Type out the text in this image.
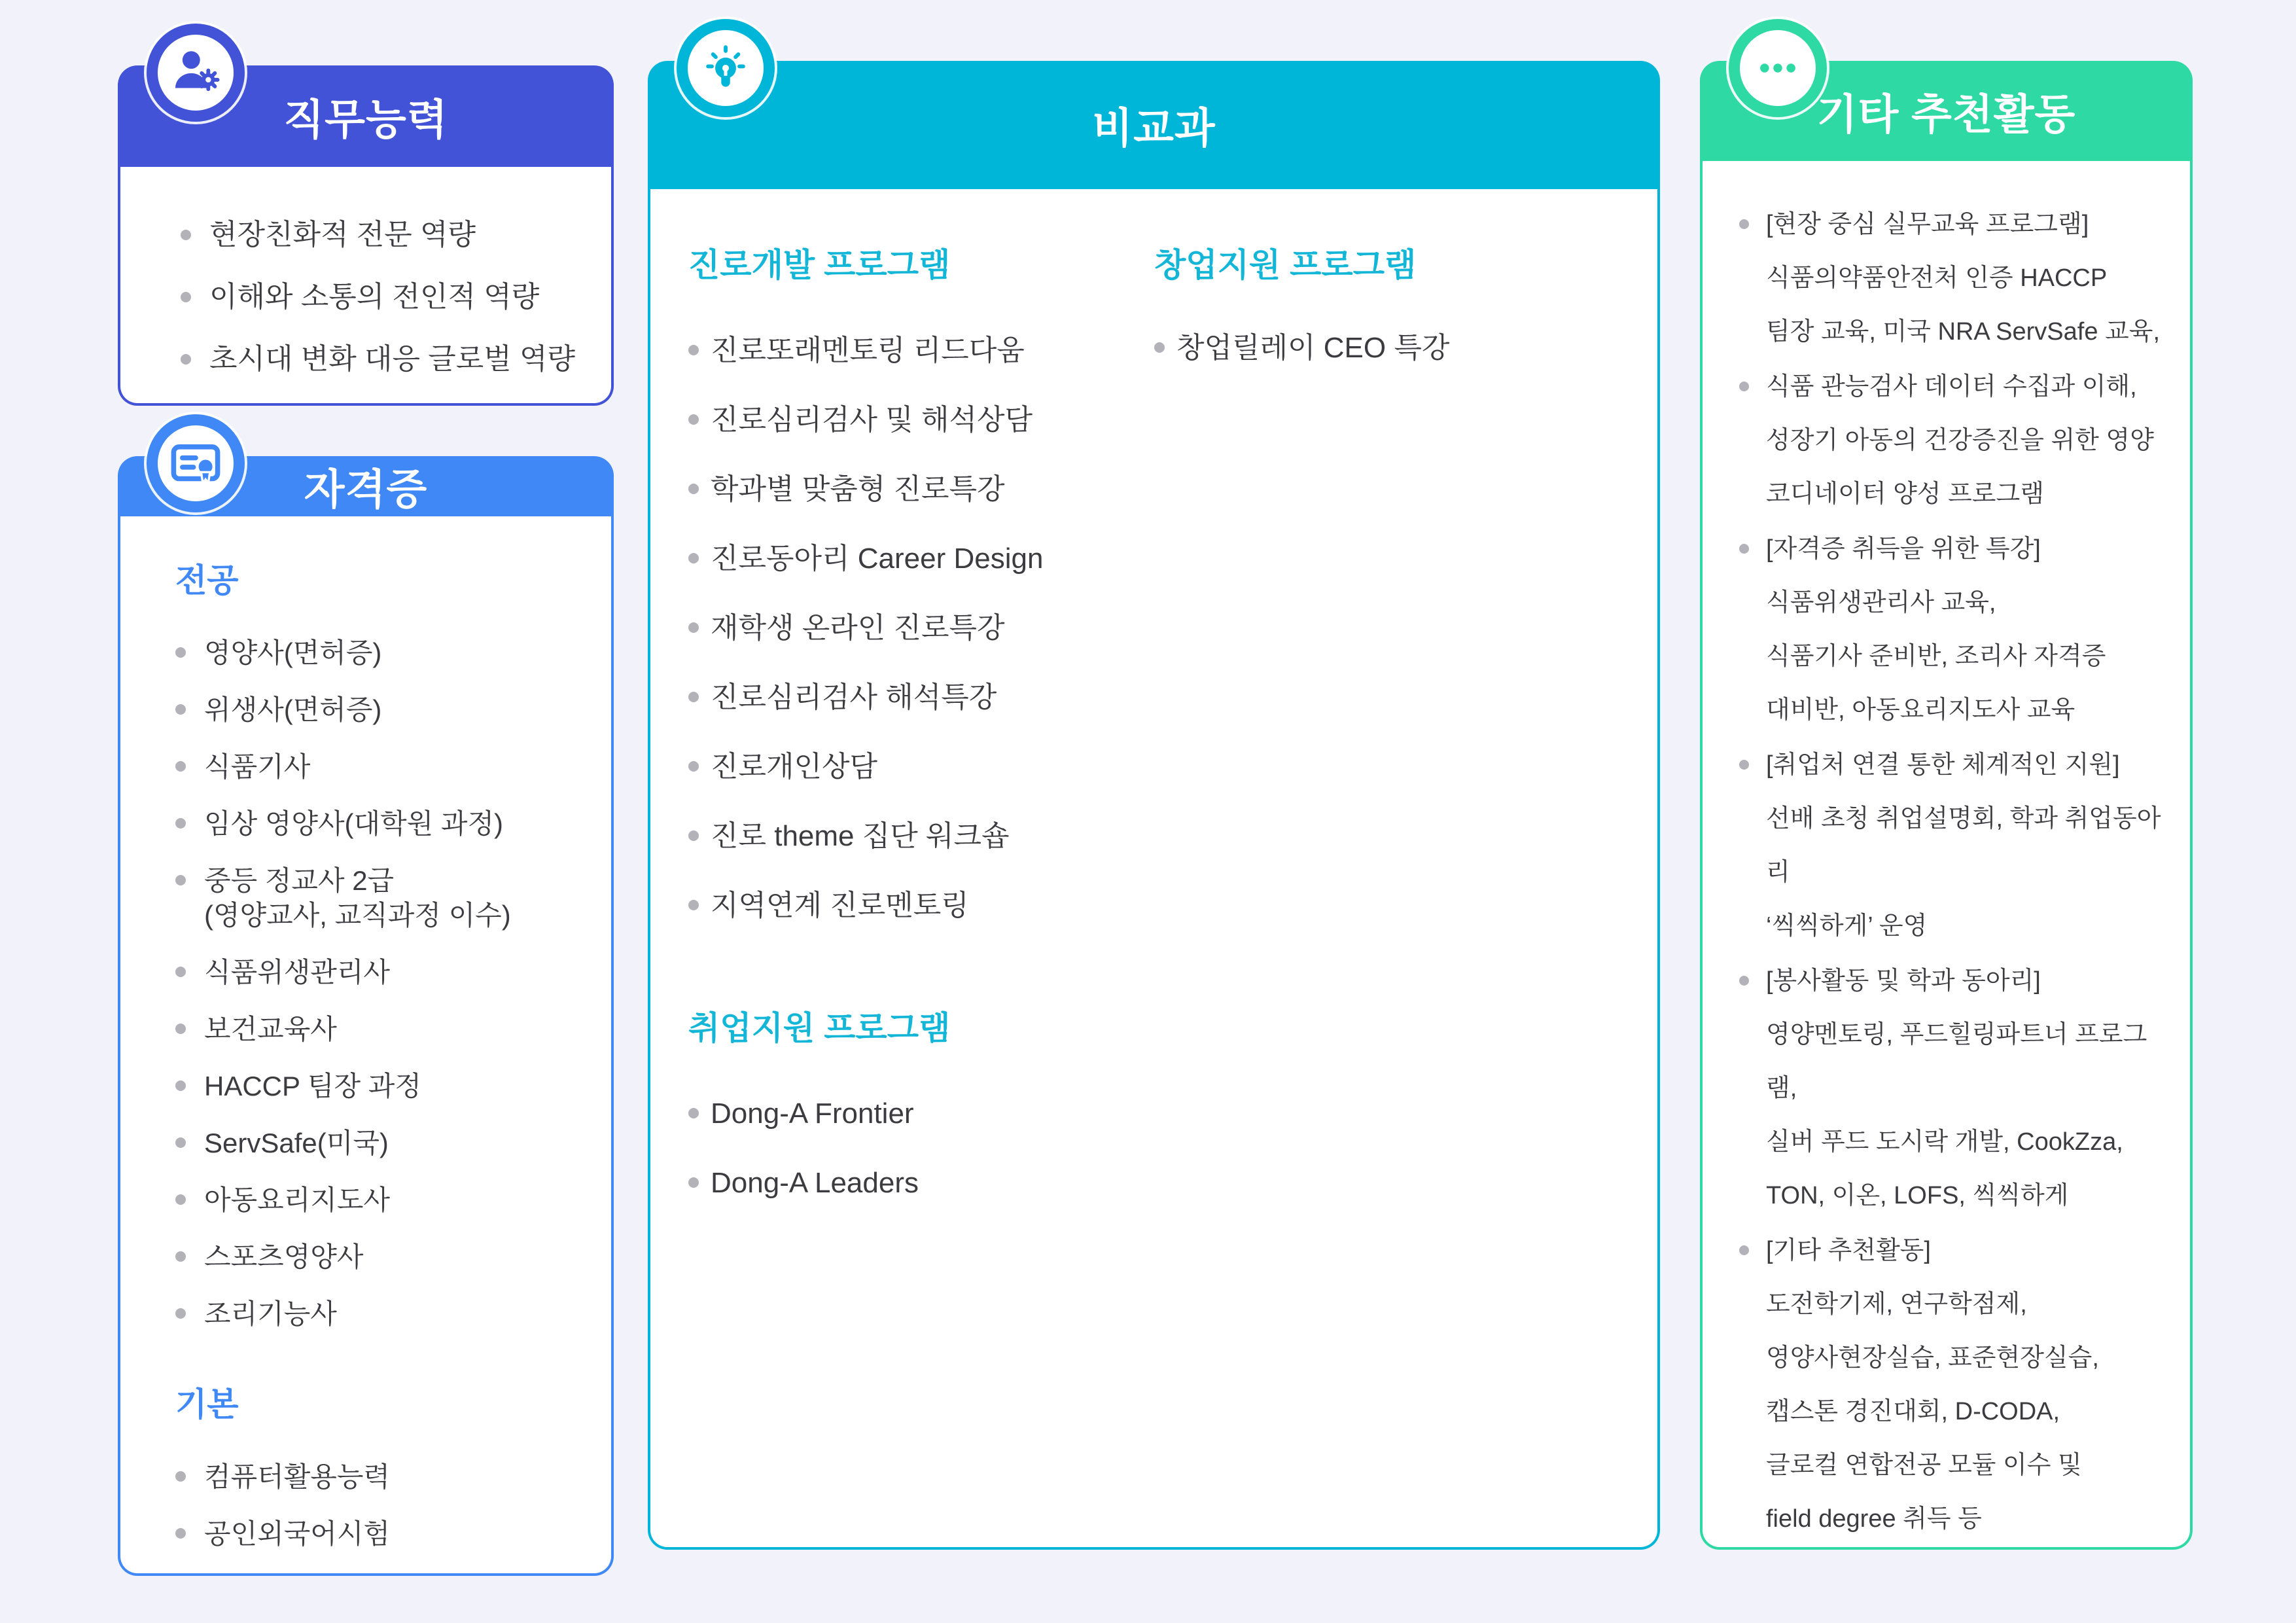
직무능력
현장친화적 전문 역량
이해와 소통의 전인적 역량
초시대 변화 대응 글로벌 역량
자격증
전공
영양사(면허증)
위생사(면허증)
식품기사
임상 영양사(대학원 과정)
중등 정교사 2급
(영양교사, 교직과정 이수)
식품위생관리사
보건교육사
HACCP 팀장 과정
ServSafe(미국)
아동요리지도사
스포츠영양사
조리기능사
기본
컴퓨터활용능력
공인외국어시험
비교과
진로개발 프로그램
진로또래멘토링 리드다움
진로심리검사 및 해석상담
학과별 맞춤형 진로특강
진로동아리 Career Design
재학생 온라인 진로특강
진로심리검사 해석특강
진로개인상담
진로 theme 집단 워크숍
지역연계 진로멘토링
취업지원 프로그램
Dong-A Frontier
Dong-A Leaders
창업지원 프로그램
창업릴레이 CEO 특강
기타 추천활동
[현장 중심 실무교육 프로그램]
식품의약품안전처 인증 HACCP
팀장 교육, 미국 NRA ServSafe 교육,
식품 관능검사 데이터 수집과 이해,
성장기 아동의 건강증진을 위한 영양
코디네이터 양성 프로그램
[자격증 취득을 위한 특강]
식품위생관리사 교육,
식품기사 준비반, 조리사 자격증
대비반, 아동요리지도사 교육
[취업처 연결 통한 체계적인 지원]
선배 초청 취업설명회, 학과 취업동아리
‘씩씩하게’ 운영
[봉사활동 및 학과 동아리]
영양멘토링, 푸드힐링파트너 프로그램,
실버 푸드 도시락 개발, CookZza,
TON, 이온, LOFS, 씩씩하게
[기타 추천활동]
도전학기제, 연구학점제,
영양사현장실습, 표준현장실습,
캡스톤 경진대회, D-CODA,
글로컬 연합전공 모듈 이수 및
field degree 취득 등
